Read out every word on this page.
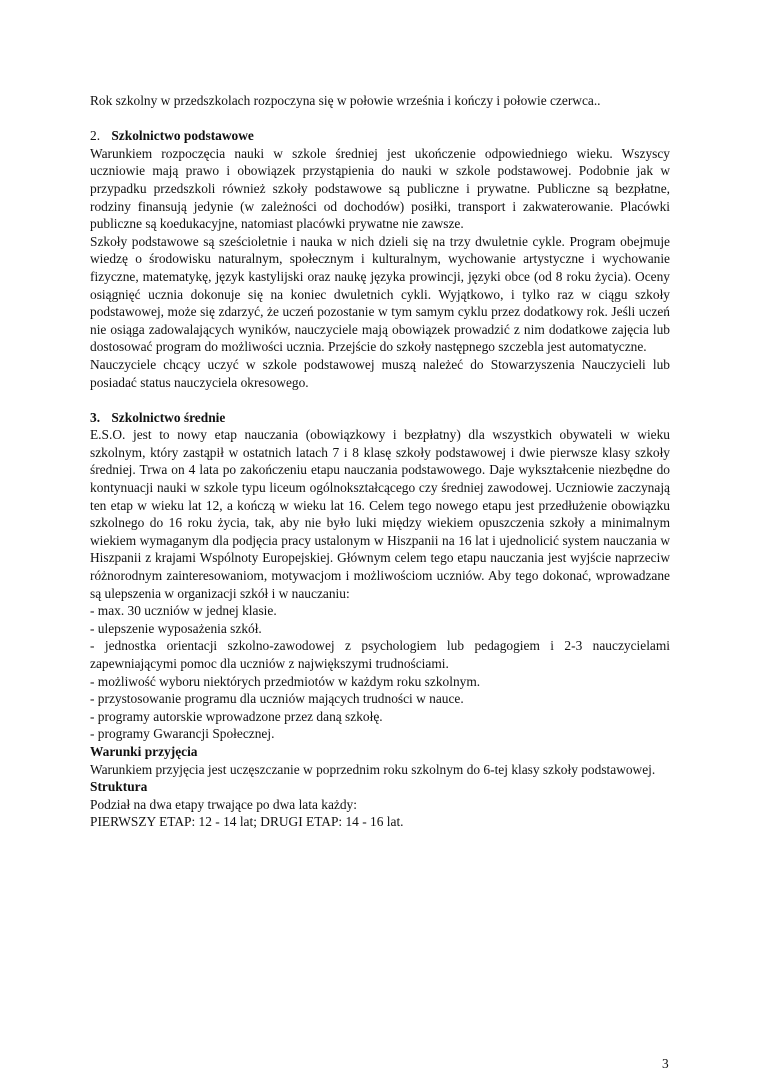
Rok szkolny w przedszkolach rozpoczyna się w połowie września i kończy i połowie czerwca..

2. Szkolnictwo podstawowe

Warunkiem rozpoczęcia nauki w szkole średniej jest ukończenie odpowiedniego wieku. Wszyscy uczniowie mają prawo i obowiązek przystąpienia do nauki w szkole podstawowej. Podobnie jak w przypadku przedszkoli również szkoły podstawowe są publiczne i prywatne. Publiczne są bezpłatne, rodziny finansują jedynie (w zależności od dochodów) posiłki, transport i zakwaterowanie. Placówki publiczne są koedukacyjne, natomiast placówki prywatne nie zawsze.

Szkoły podstawowe są sześcioletnie i nauka w nich dzieli się na trzy dwuletnie cykle. Program obejmuje wiedzę o środowisku naturalnym, społecznym i kulturalnym, wychowanie artystyczne i wychowanie fizyczne, matematykę, język kastylijski oraz naukę języka prowincji, języki obce (od 8 roku życia). Oceny osiągnięć ucznia dokonuje się na koniec dwuletnich cykli. Wyjątkowo, i tylko raz w ciągu szkoły podstawowej, może się zdarzyć, że uczeń pozostanie w tym samym cyklu przez dodatkowy rok. Jeśli uczeń nie osiąga zadowalających wyników, nauczyciele mają obowiązek prowadzić z nim dodatkowe zajęcia lub dostosować program do możliwości ucznia. Przejście do szkoły następnego szczebla jest automatyczne.

Nauczyciele chcący uczyć w szkole podstawowej muszą należeć do Stowarzyszenia Nauczycieli lub posiadać status nauczyciela okresowego.

3. Szkolnictwo średnie

E.S.O. jest to nowy etap nauczania (obowiązkowy i bezpłatny) dla wszystkich obywateli w wieku szkolnym, który zastąpił w ostatnich latach 7 i 8 klasę szkoły podstawowej i dwie pierwsze klasy szkoły średniej. Trwa on 4 lata po zakończeniu etapu nauczania podstawowego. Daje wykształcenie niezbędne do kontynuacji nauki w szkole typu liceum ogólnokształcącego czy średniej zawodowej. Uczniowie zaczynają ten etap w wieku lat 12, a kończą w wieku lat 16. Celem tego nowego etapu jest przedłużenie obowiązku szkolnego do 16 roku życia, tak, aby nie było luki między wiekiem opuszczenia szkoły a minimalnym wiekiem wymaganym dla podjęcia pracy ustalonym w Hiszpanii na 16 lat i ujednolicić system nauczania w Hiszpanii z krajami Wspólnoty Europejskiej. Głównym celem tego etapu nauczania jest wyjście naprzeciw różnorodnym zainteresowaniom, motywacjom i możliwościom uczniów. Aby tego dokonać, wprowadzane są ulepszenia w organizacji szkół i w nauczaniu:

- max. 30 uczniów w jednej klasie.

- ulepszenie wyposażenia szkół.

- jednostka orientacji szkolno-zawodowej z psychologiem lub pedagogiem i 2-3 nauczycielami zapewniającymi pomoc dla uczniów z największymi trudnościami.

- możliwość wyboru niektórych przedmiotów w każdym roku szkolnym.

- przystosowanie programu dla uczniów mających trudności w nauce.

- programy autorskie wprowadzone przez daną szkołę.

- programy Gwarancji Społecznej.

Warunki przyjęcia

Warunkiem przyjęcia jest uczęszczanie w poprzednim roku szkolnym do 6-tej klasy szkoły podstawowej.

Struktura

Podział na dwa etapy trwające po dwa lata każdy:

PIERWSZY ETAP: 12 - 14 lat; DRUGI ETAP: 14 - 16 lat.

3
